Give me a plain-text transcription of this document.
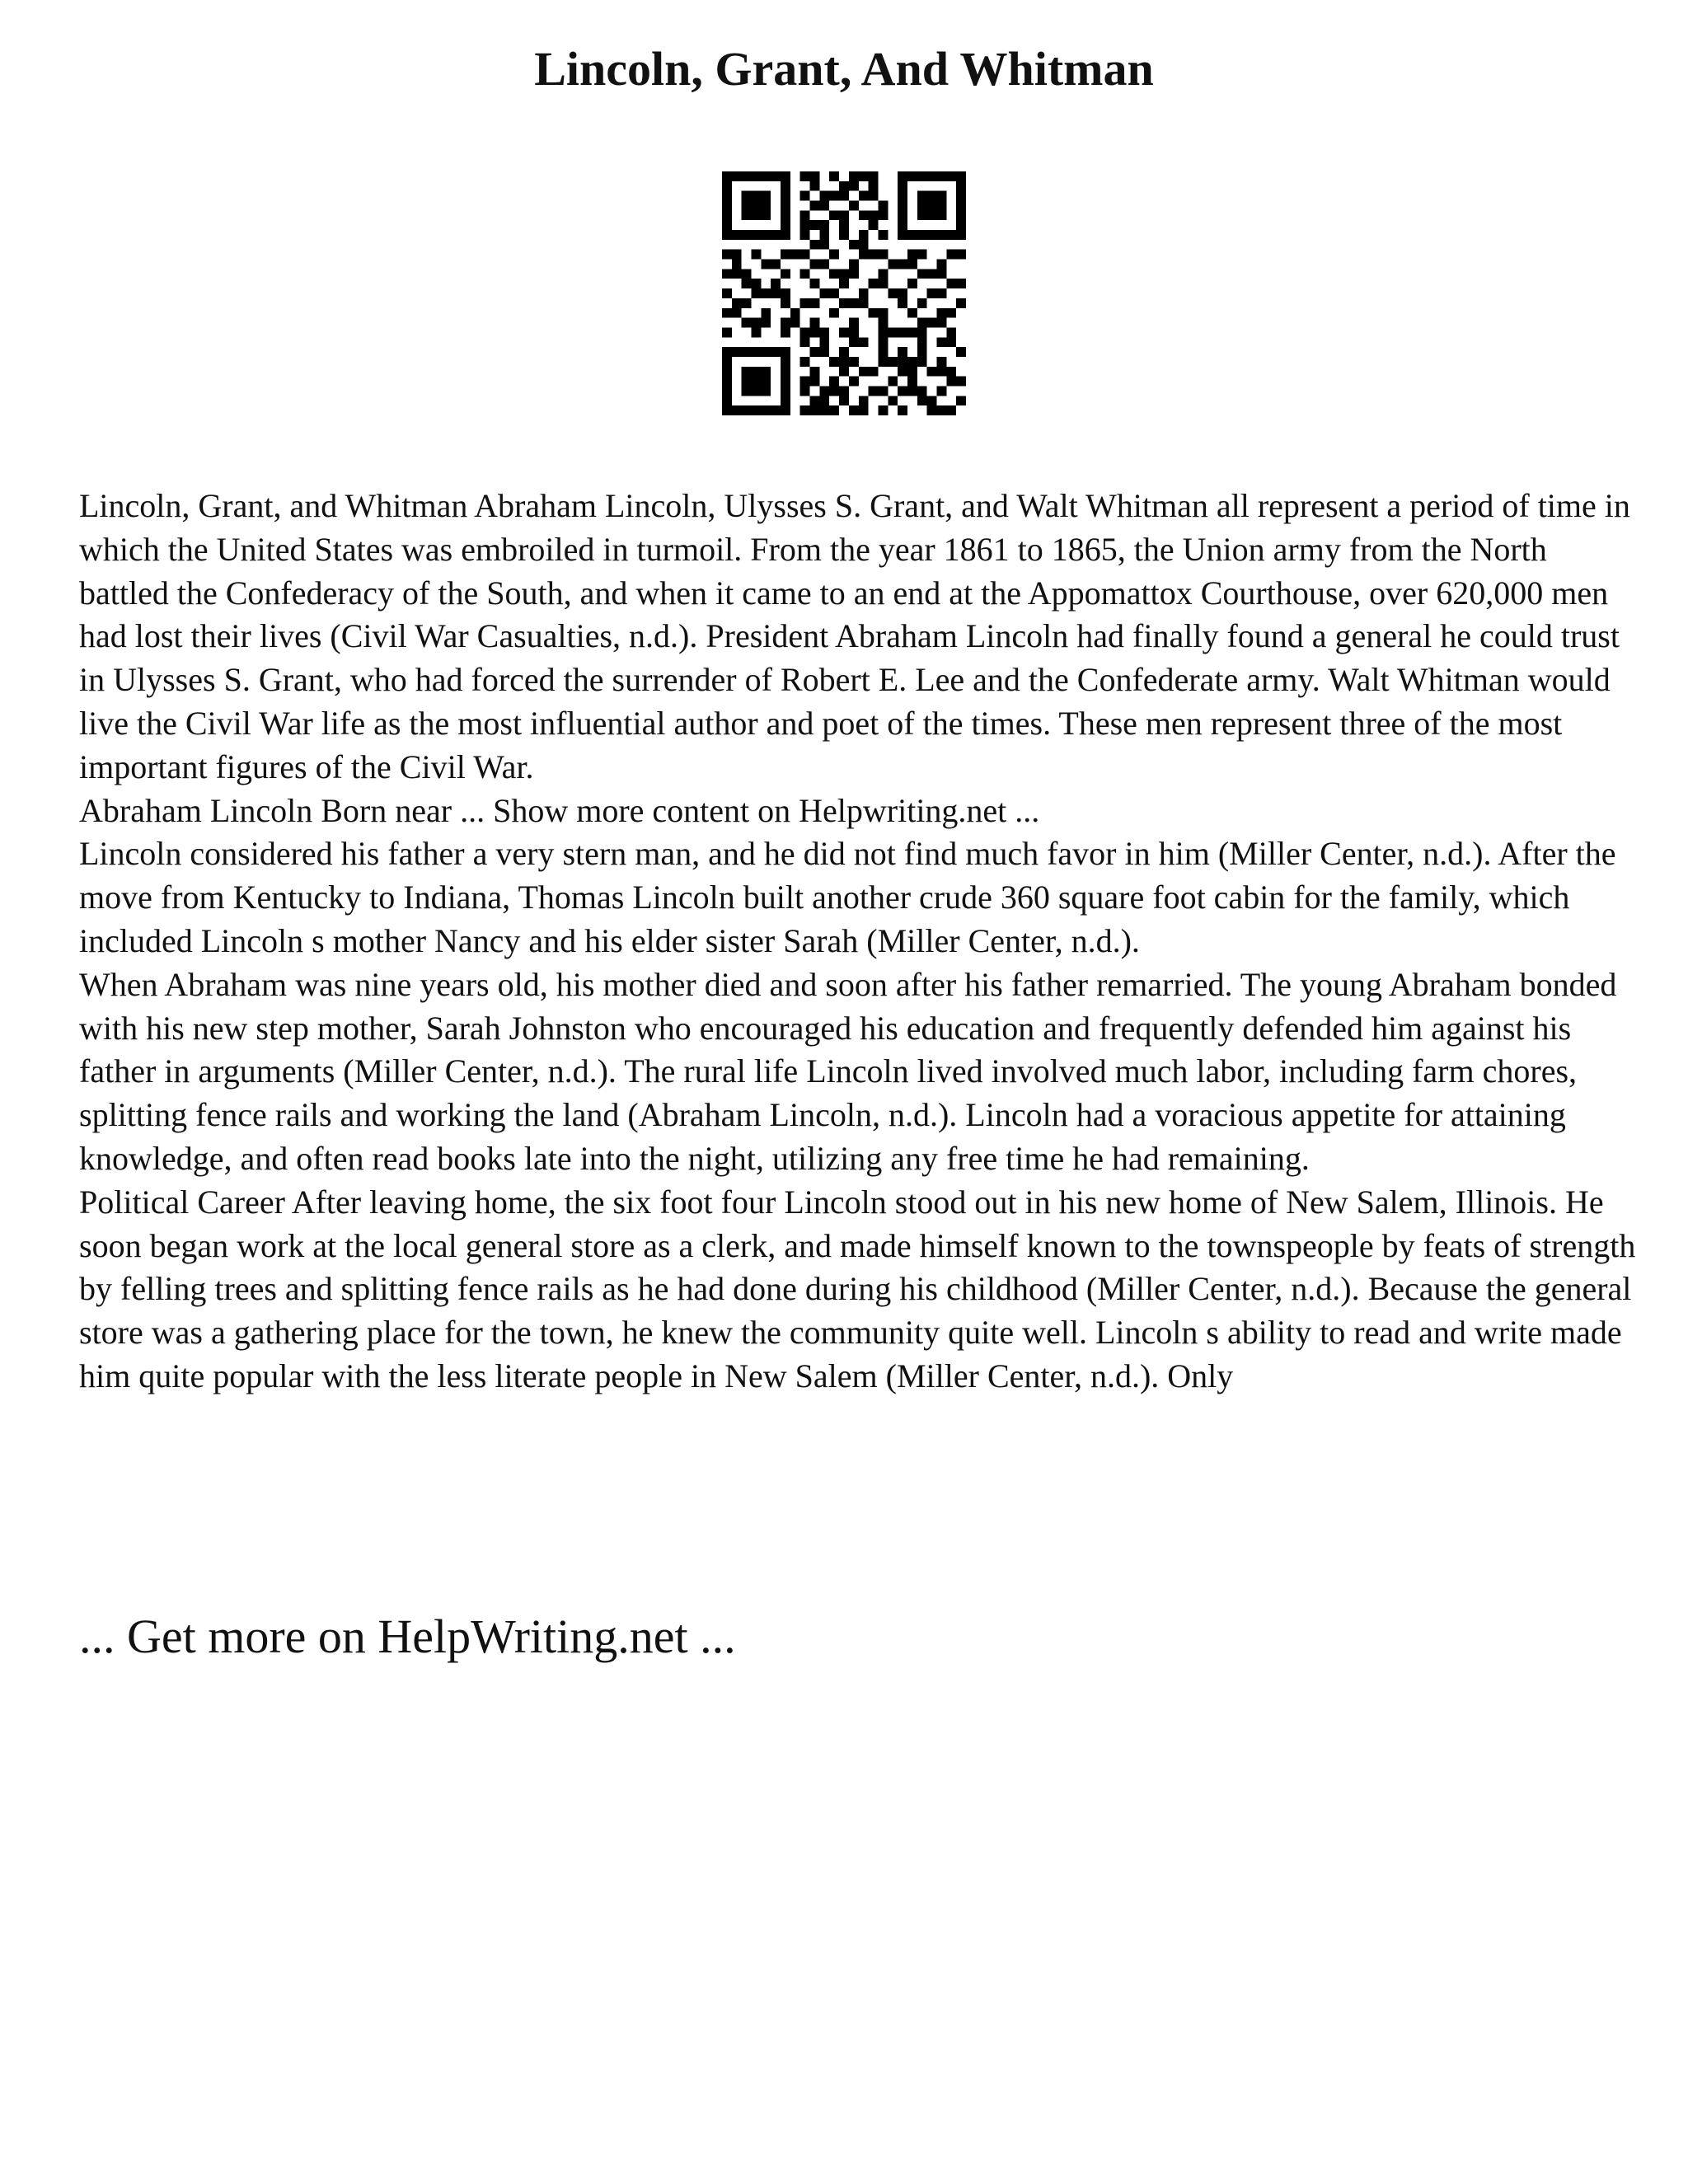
Lincoln, Grant, And Whitman

Lincoln, Grant, and Whitman Abraham Lincoln, Ulysses S. Grant, and Walt Whitman all represent a period of time in which the United States was embroiled in turmoil. From the year 1861 to 1865, the Union army from the North battled the Confederacy of the South, and when it came to an end at the Appomattox Courthouse, over 620,000 men had lost their lives (Civil War Casualties, n.d.). President Abraham Lincoln had finally found a general he could trust in Ulysses S. Grant, who had forced the surrender of Robert E. Lee and the Confederate army. Walt Whitman would live the Civil War life as the most influential author and poet of the times. These men represent three of the most important figures of the Civil War.

Abraham Lincoln Born near ... Show more content on Helpwriting.net ...

Lincoln considered his father a very stern man, and he did not find much favor in him (Miller Center, n.d.). After the move from Kentucky to Indiana, Thomas Lincoln built another crude 360 square foot cabin for the family, which included Lincoln s mother Nancy and his elder sister Sarah (Miller Center, n.d.).

When Abraham was nine years old, his mother died and soon after his father remarried. The young Abraham bonded with his new step mother, Sarah Johnston who encouraged his education and frequently defended him against his father in arguments (Miller Center, n.d.). The rural life Lincoln lived involved much labor, including farm chores, splitting fence rails and working the land (Abraham Lincoln, n.d.). Lincoln had a voracious appetite for attaining knowledge, and often read books late into the night, utilizing any free time he had remaining.

Political Career After leaving home, the six foot four Lincoln stood out in his new home of New Salem, Illinois. He soon began work at the local general store as a clerk, and made himself known to the townspeople by feats of strength by felling trees and splitting fence rails as he had done during his childhood (Miller Center, n.d.). Because the general store was a gathering place for the town, he knew the community quite well. Lincoln s ability to read and write made him quite popular with the less literate people in New Salem (Miller Center, n.d.). Only

... Get more on HelpWriting.net ...
